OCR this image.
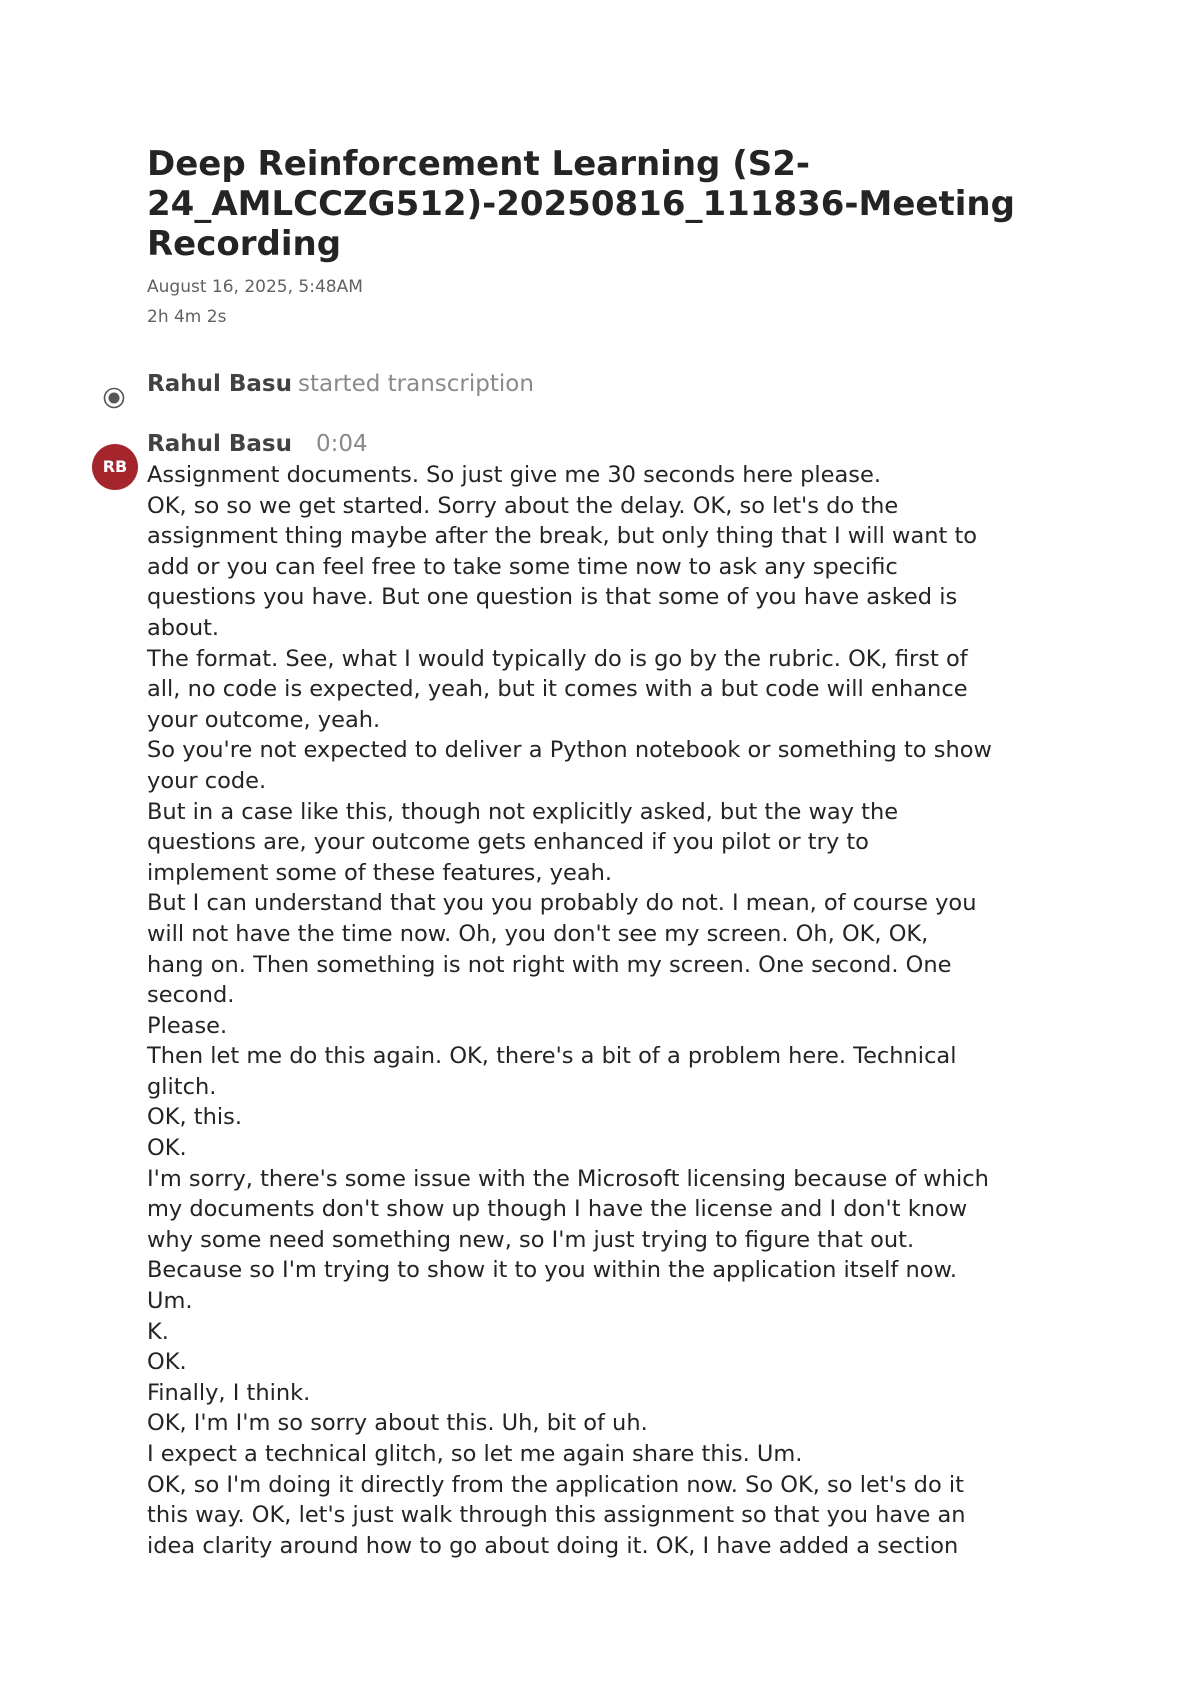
Deep Reinforcement Learning (S2-
24_AMLCCZG512)-20250816_111836-Meeting
Recording
August 16, 2025, 5:48AM
2h 4m 2s
Rahul Basu started transcription
RB
Rahul Basu 0:04
Assignment documents. So just give me 30 seconds here please.
OK, so so we get started. Sorry about the delay. OK, so let's do the
assignment thing maybe after the break, but only thing that I will want to
add or you can feel free to take some time now to ask any specific
questions you have. But one question is that some of you have asked is
about.
The format. See, what I would typically do is go by the rubric. OK, first of
all, no code is expected, yeah, but it comes with a but code will enhance
your outcome, yeah.
So you're not expected to deliver a Python notebook or something to show
your code.
But in a case like this, though not explicitly asked, but the way the
questions are, your outcome gets enhanced if you pilot or try to
implement some of these features, yeah.
But I can understand that you you probably do not. I mean, of course you
will not have the time now. Oh, you don't see my screen. Oh, OK, OK,
hang on. Then something is not right with my screen. One second. One
second.
Please.
Then let me do this again. OK, there's a bit of a problem here. Technical
glitch.
OK, this.
OK.
I'm sorry, there's some issue with the Microsoft licensing because of which
my documents don't show up though I have the license and I don't know
why some need something new, so I'm just trying to figure that out.
Because so I'm trying to show it to you within the application itself now.
Um.
K.
OK.
Finally, I think.
OK, I'm I'm so sorry about this. Uh, bit of uh.
I expect a technical glitch, so let me again share this. Um.
OK, so I'm doing it directly from the application now. So OK, so let's do it
this way. OK, let's just walk through this assignment so that you have an
idea clarity around how to go about doing it. OK, I have added a section
